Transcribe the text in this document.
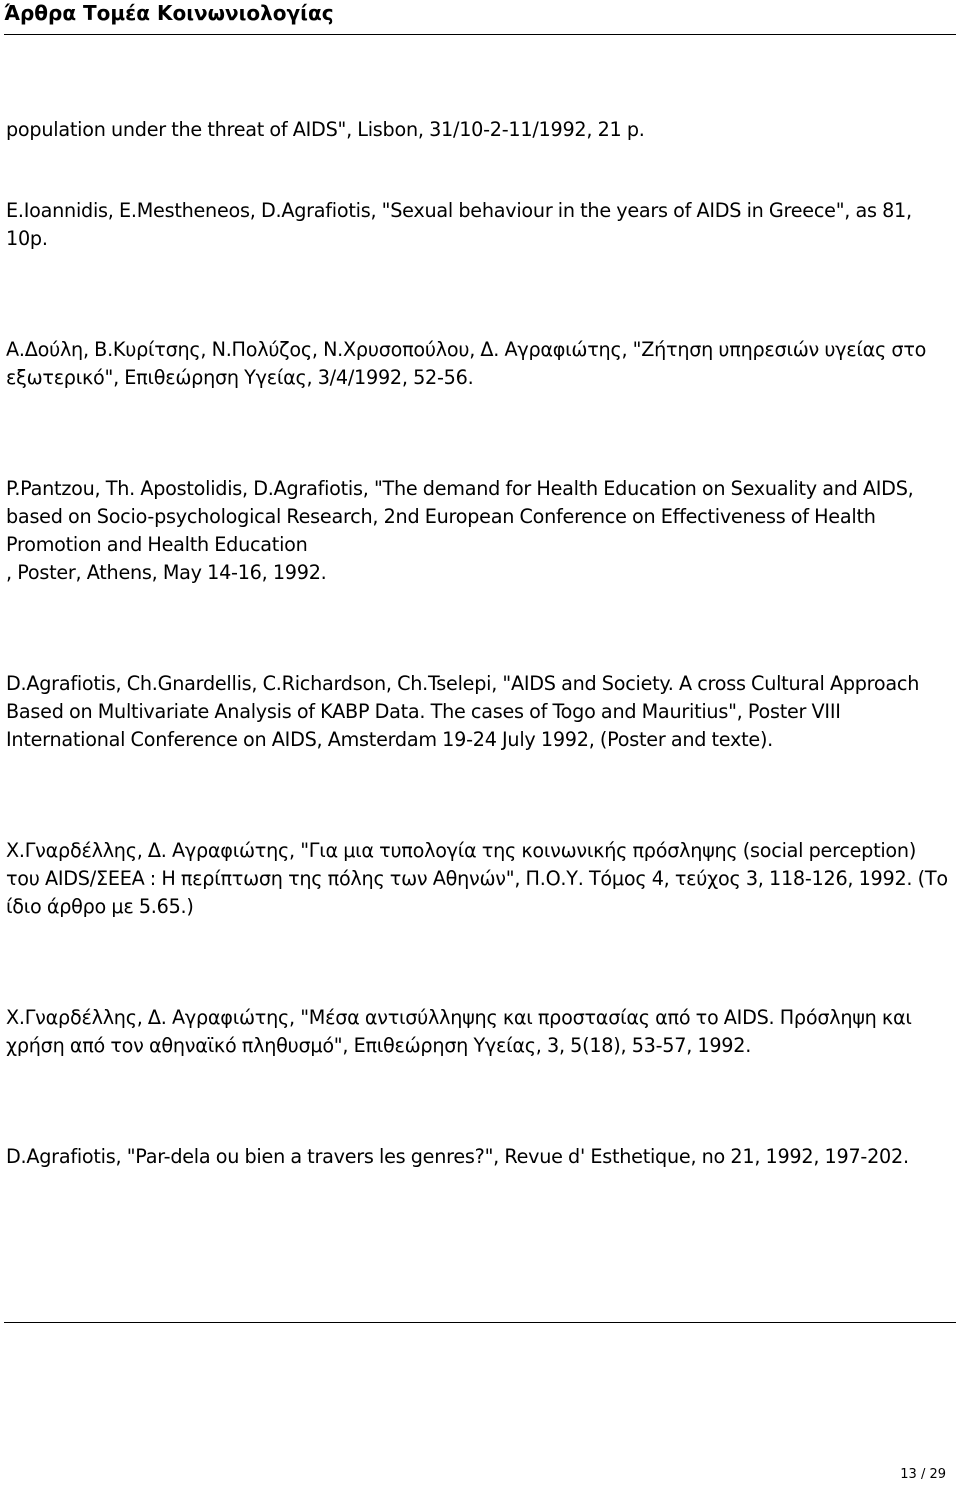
Άρθρα Τομέα Κοινωνιολογίας

population under the threat of AIDS", Lisbon, 31/10-2-11/1992, 21 p.

E.Ioannidis, E.Mestheneos, D.Agrafiotis, "Sexual behaviour in the years of AIDS in Greece", as 81, 10p.

Α.Δούλη, Β.Κυρίτσης, Ν.Πολύζος, Ν.Χρυσοπούλου, Δ. Αγραφιώτης, "Ζήτηση υπηρεσιών υγείας στο εξωτερικό", Επιθεώρηση Υγείας, 3/4/1992, 52-56.

P.Pantzou, Th. Apostolidis, D.Agrafiotis, "The demand for Health Education on Sexuality and AIDS, based on Socio-psychological Research, 2nd European Conference on Effectiveness of Health Promotion and Health Education

, Poster, Athens, May 14-16, 1992.

D.Agrafiotis, Ch.Gnardellis, C.Richardson, Ch.Tselepi, "AIDS and Society. A cross Cultural Approach Based on Multivariate Analysis of KABP Data. The cases of Togo and Mauritius", Poster VIII International Conference on AIDS, Amsterdam 19-24 July 1992, (Poster and texte).

Χ.Γναρδέλλης, Δ. Αγραφιώτης, "Για μια τυπολογία της κοινωνικής πρόσληψης (social perception) του AIDS/ΣΕΕΑ : Η περίπτωση της πόλης των Αθηνών", Π.Ο.Υ. Τόμος 4, τεύχος 3, 118-126, 1992. (Το ίδιο άρθρο με 5.65.)

Χ.Γναρδέλλης, Δ. Αγραφιώτης, "Μέσα αντισύλληψης και προστασίας από το AIDS. Πρόσληψη και χρήση από τον αθηναϊκό πληθυσμό", Επιθεώρηση Υγείας, 3, 5(18), 53-57, 1992.

D.Agrafiotis, "Par-dela ou bien a travers les genres?", Revue d' Esthetique, no 21, 1992, 197-202.

13 / 29
